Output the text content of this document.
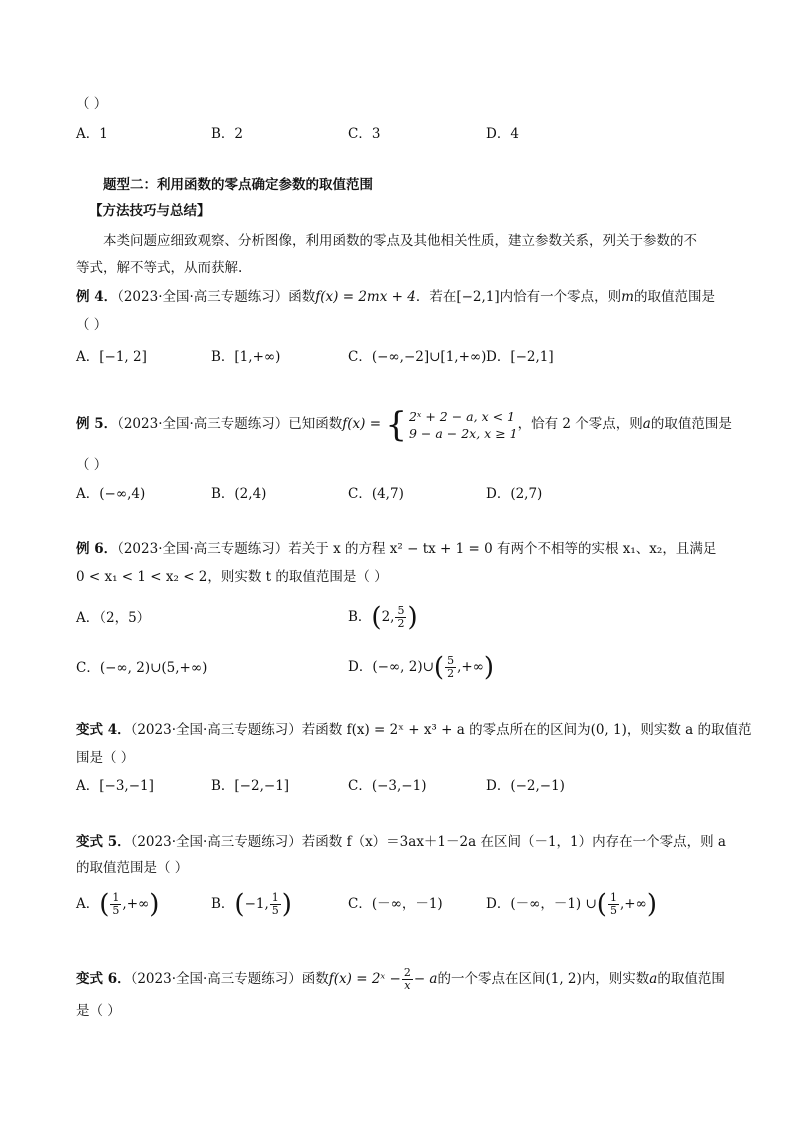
（ ）
A．1	B．2	C．3	D．4
题型二：利用函数的零点确定参数的取值范围
【方法技巧与总结】
本类问题应细致观察、分析图像，利用函数的零点及其他相关性质，建立参数关系，列关于参数的不
等式，解不等式，从而获解.
例 4．（2023·全国·高三专题练习）函数f(x) = 2mx + 4．若在[−2,1]内恰有一个零点，则m的取值范围是
（ ）
A．[−1, 2]	B．[1,+∞)	C．(−∞,−2]∪[1,+∞) D．[−2,1]
例 5．（2023·全国·高三专题练习）已知函数f(x) = { 2ˣ + 2 − a, x < 1
9 − a − 2x, x ≥ 1
，恰有 2 个零点，则a的取值范围是
（ ）
A．(−∞,4)	B．(2,4)	C．(4,7)	D．(2,7)
例 6．（2023·全国·高三专题练习）若关于 x 的方程 x² − tx + 1 = 0 有两个不相等的实根 x₁、x₂，且满足
0 < x₁ < 1 < x₂ < 2，则实数 t 的取值范围是（ ）
A．（2，5）	B．(2, $\frac{5}{2}$ )
C．(−∞, 2)∪(5,+∞)	D．(−∞, 2)∪( $\frac{5}{2}$ ,+∞)
变式 4．（2023·全国·高三专题练习）若函数 f(x) = 2ˣ + x³ + a 的零点所在的区间为(0, 1)，则实数 a 的取值范
围是（ ）
A．[−3,−1]	B．[−2,−1]	C．(−3,−1)	D．(−2,−1)
变式 5．（2023·全国·高三专题练习）若函数 f（x）＝3ax＋1－2a 在区间（－1，1）内存在一个零点，则 a
的取值范围是（ ）
A．( $\frac{1}{5}$ ,+∞)	B．(−1, $\frac{1}{5}$ )	C．(－∞，－1)	D．(－∞，－1) ∪( $\frac{1}{5}$ ,+∞)
变式 6．（2023·全国·高三专题练习）函数f(x) = 2ˣ − $\frac{2}{x} - a$的一个零点在区间(1, 2)内，则实数a的取值范围
是（ ）
